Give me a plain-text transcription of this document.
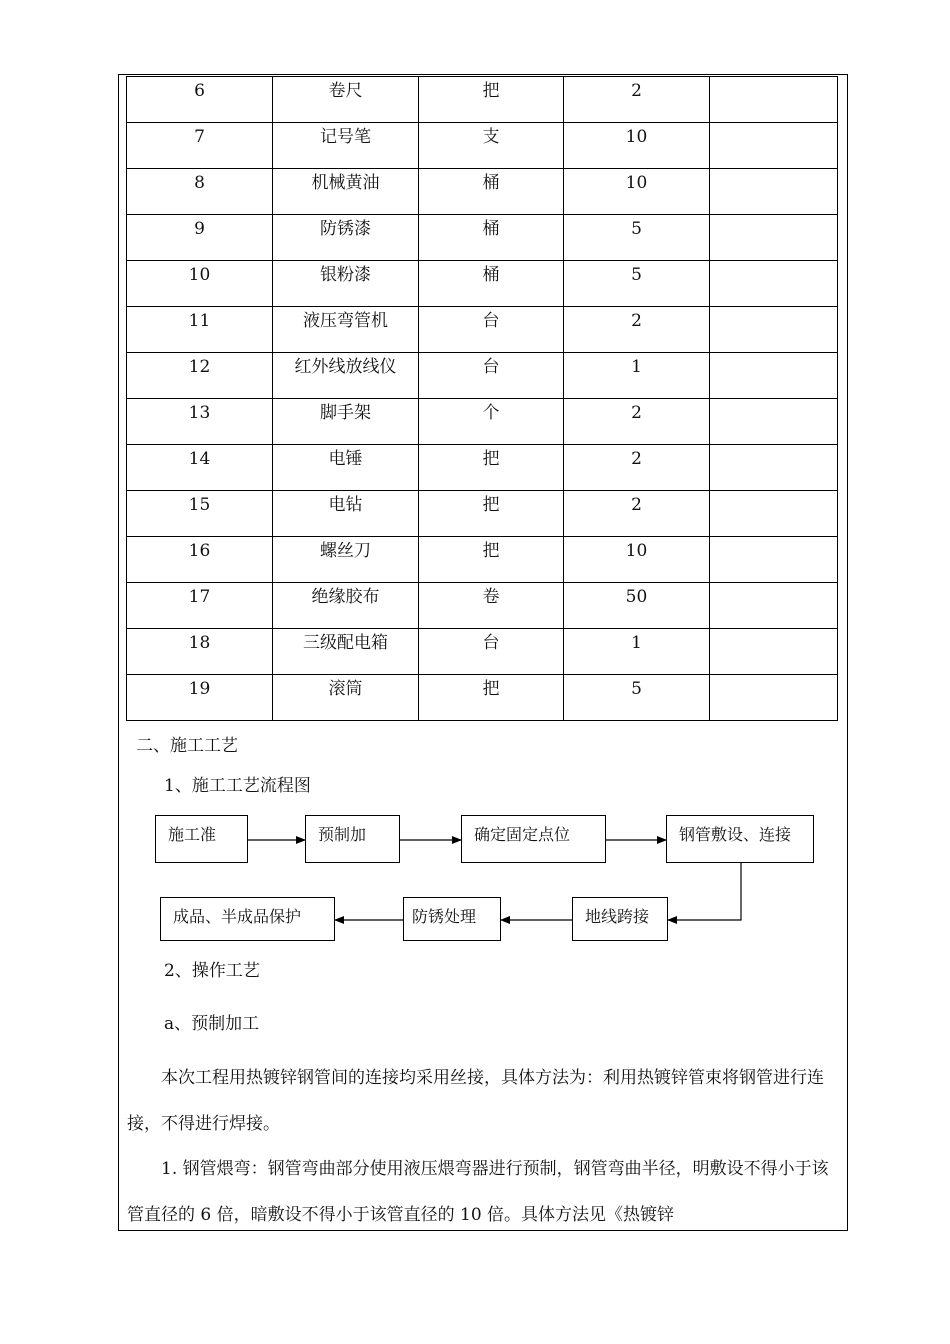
6	卷尺	把	2	
7	记号笔	支	10	
8	机械黄油	桶	10	
9	防锈漆	桶	5	
10	银粉漆	桶	5	
11	液压弯管机	台	2	
12	红外线放线仪	台	1	
13	脚手架	个	2	
14	电锤	把	2	
15	电钻	把	2	
16	螺丝刀	把	10	
17	绝缘胶布	卷	50	
18	三级配电箱	台	1	
19	滚筒	把	5	
二、施工工艺
1、施工工艺流程图
施工准	预制加	确定固定点位	钢管敷设、连接
地线跨接
防锈处理
成品、半成品保护
2、操作工艺
a、预制加工

本次工程用热镀锌钢管间的连接均采用丝接，具体方法为：利用热镀锌管束将钢管进行连接，不得进行焊接。

1. 钢管煨弯：钢管弯曲部分使用液压煨弯器进行预制，钢管弯曲半径，明敷设不得小于该管直径的 6 倍，暗敷设不得小于该管直径的 10 倍。具体方法见《热镀锌
